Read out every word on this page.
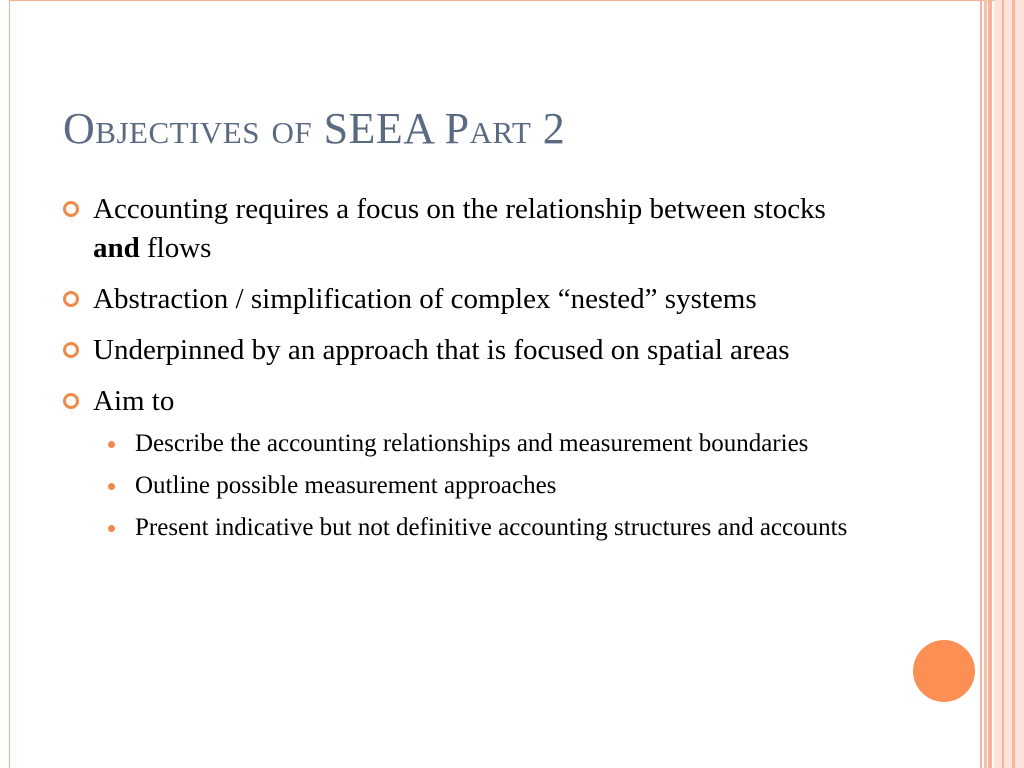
Objectives of SEEA Part 2
Accounting requires a focus on the relationship between stocks and flows
Abstraction / simplification of complex “nested” systems
Underpinned by an approach that is focused on spatial areas
Aim to
Describe the accounting relationships and measurement boundaries
Outline possible measurement approaches
Present indicative but not definitive accounting structures and accounts
